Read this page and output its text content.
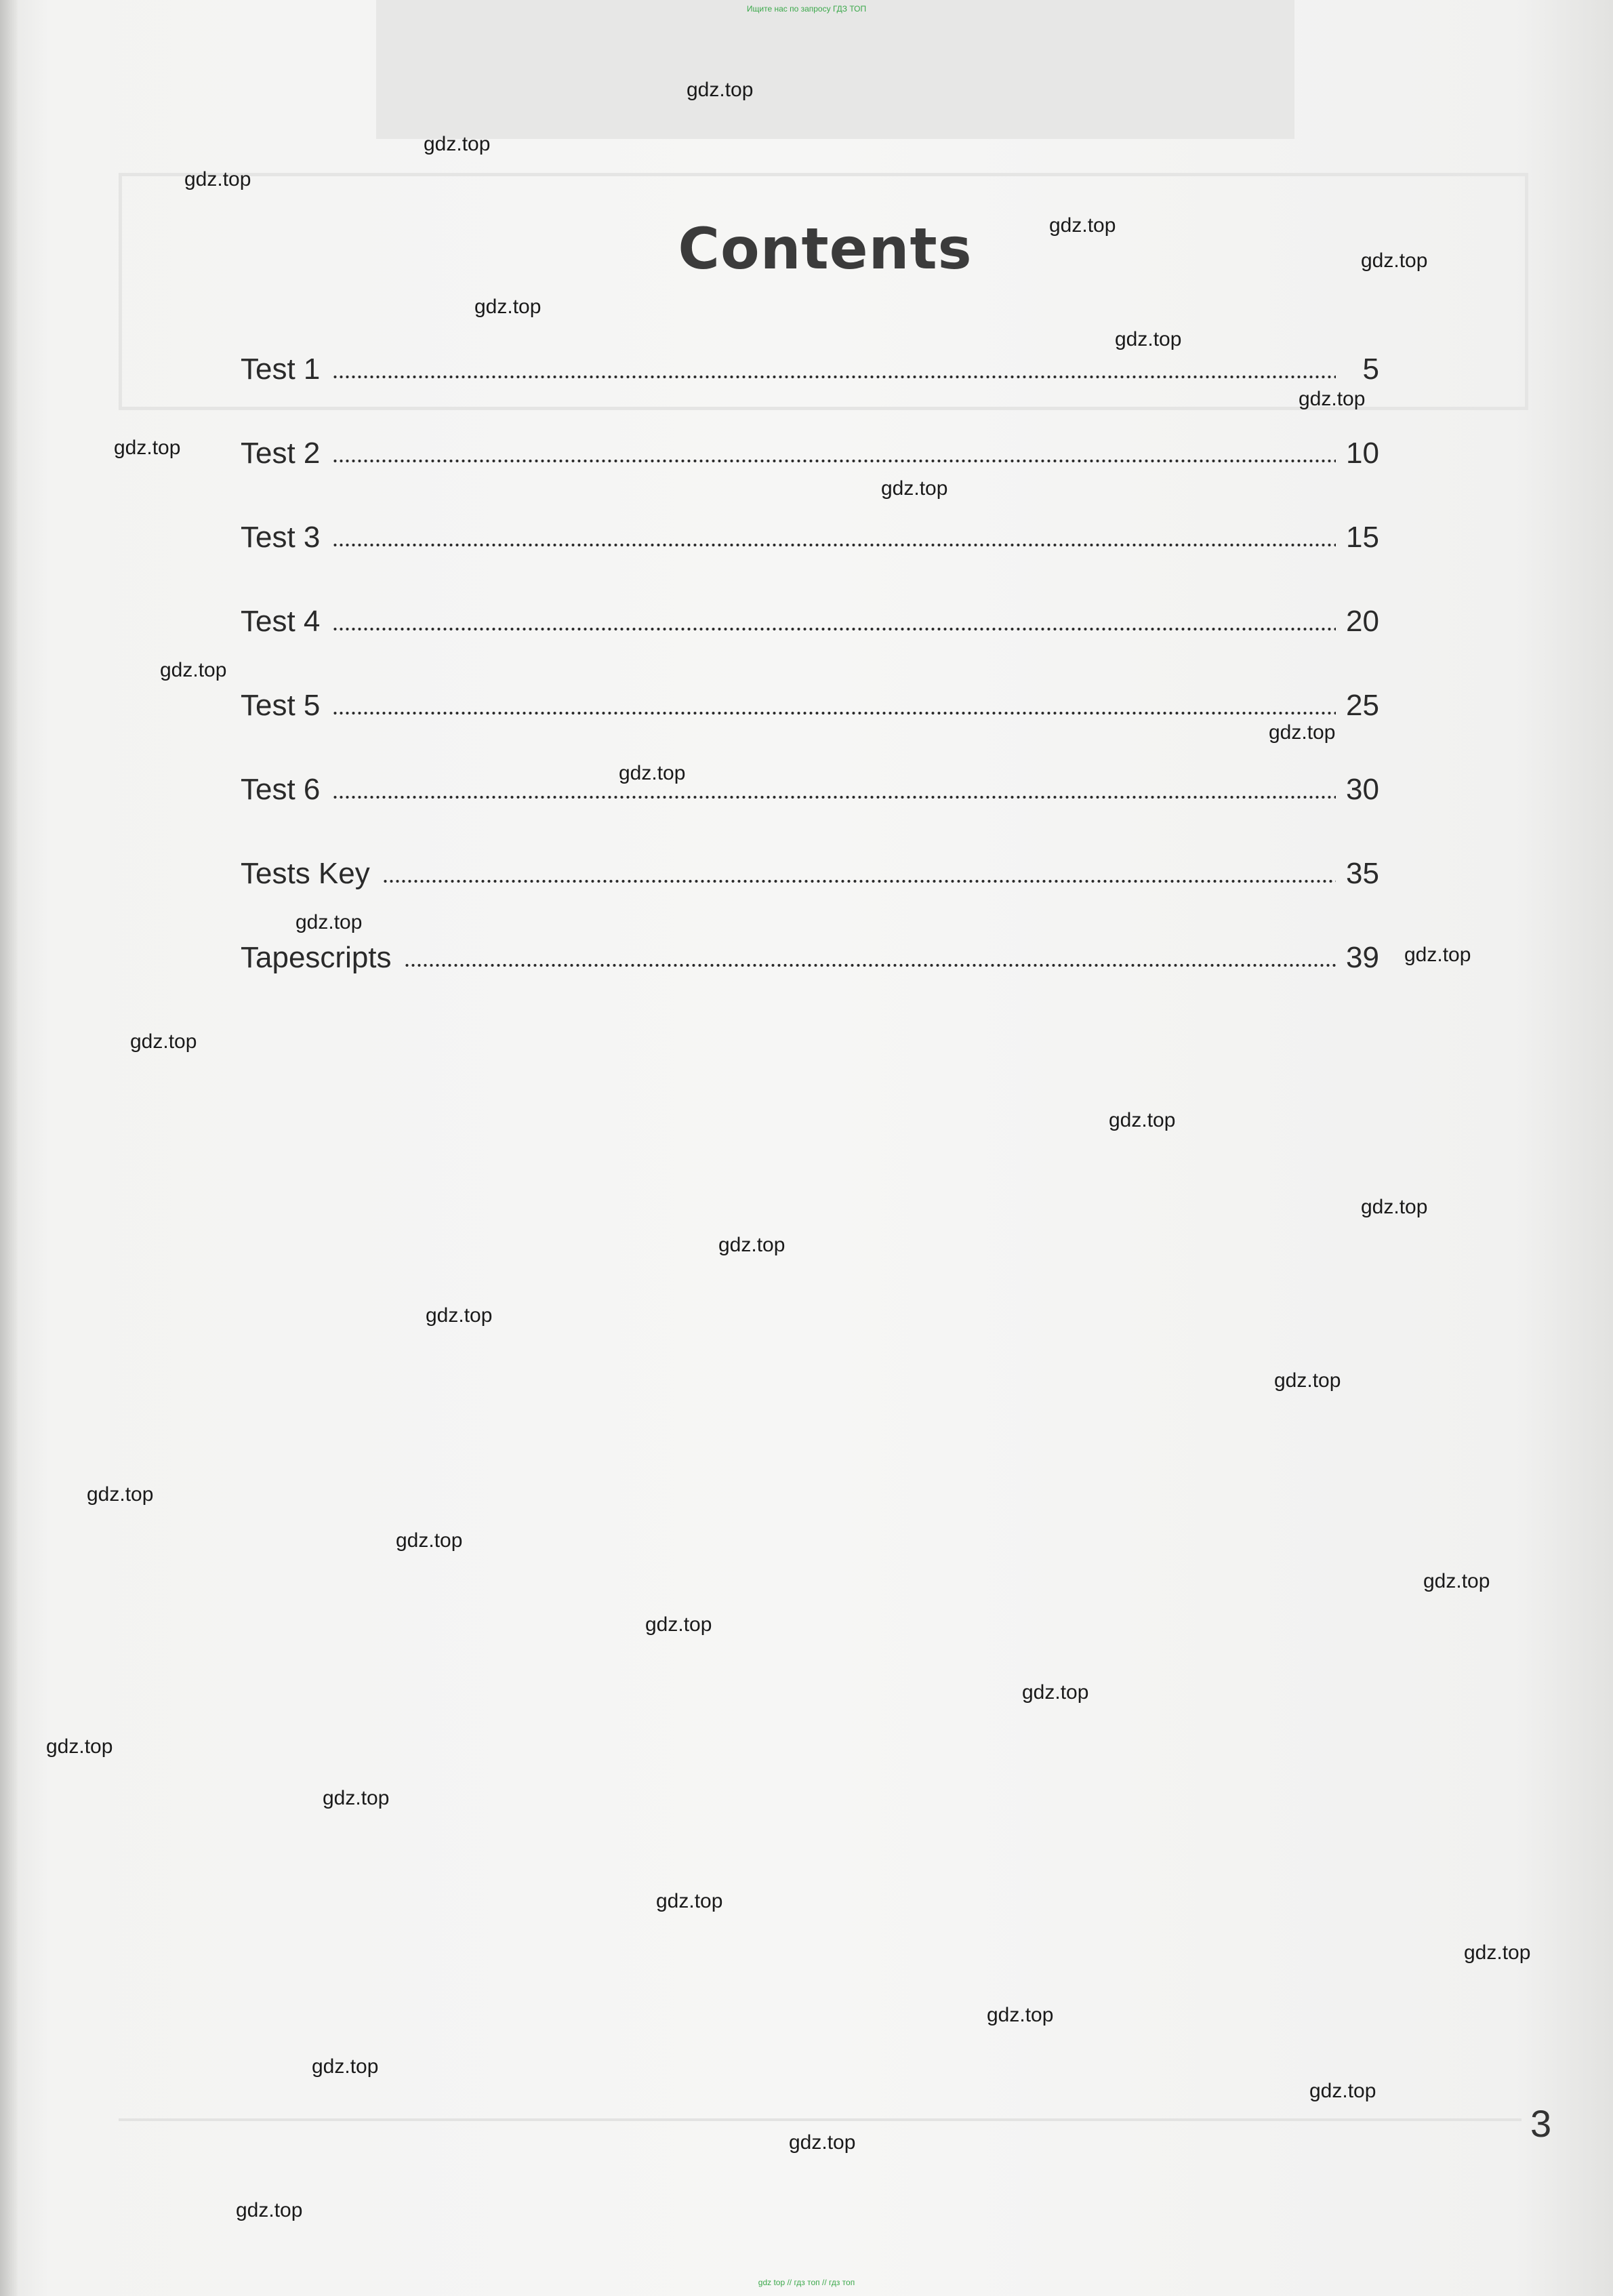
Ищите нас по запросу ГДЗ ТОП
Contents
Test 1	5
Test 2	10
Test 3	15
Test 4	20
Test 5	25
Test 6	30
Tests Key	35
Tapescripts	39
3
gdz.top
gdz.top
gdz.top
gdz.top
gdz.top
gdz.top
gdz.top
gdz.top
gdz.top
gdz.top
gdz.top
gdz.top
gdz.top
gdz.top
gdz.top
gdz.top
gdz.top
gdz.top
gdz.top
gdz.top
gdz.top
gdz.top
gdz.top
gdz.top
gdz.top
gdz.top
gdz.top
gdz.top
gdz.top
gdz.top
gdz.top
gdz.top
gdz.top
gdz.top
gdz.top
gdz top // гдз топ // гдз топ
